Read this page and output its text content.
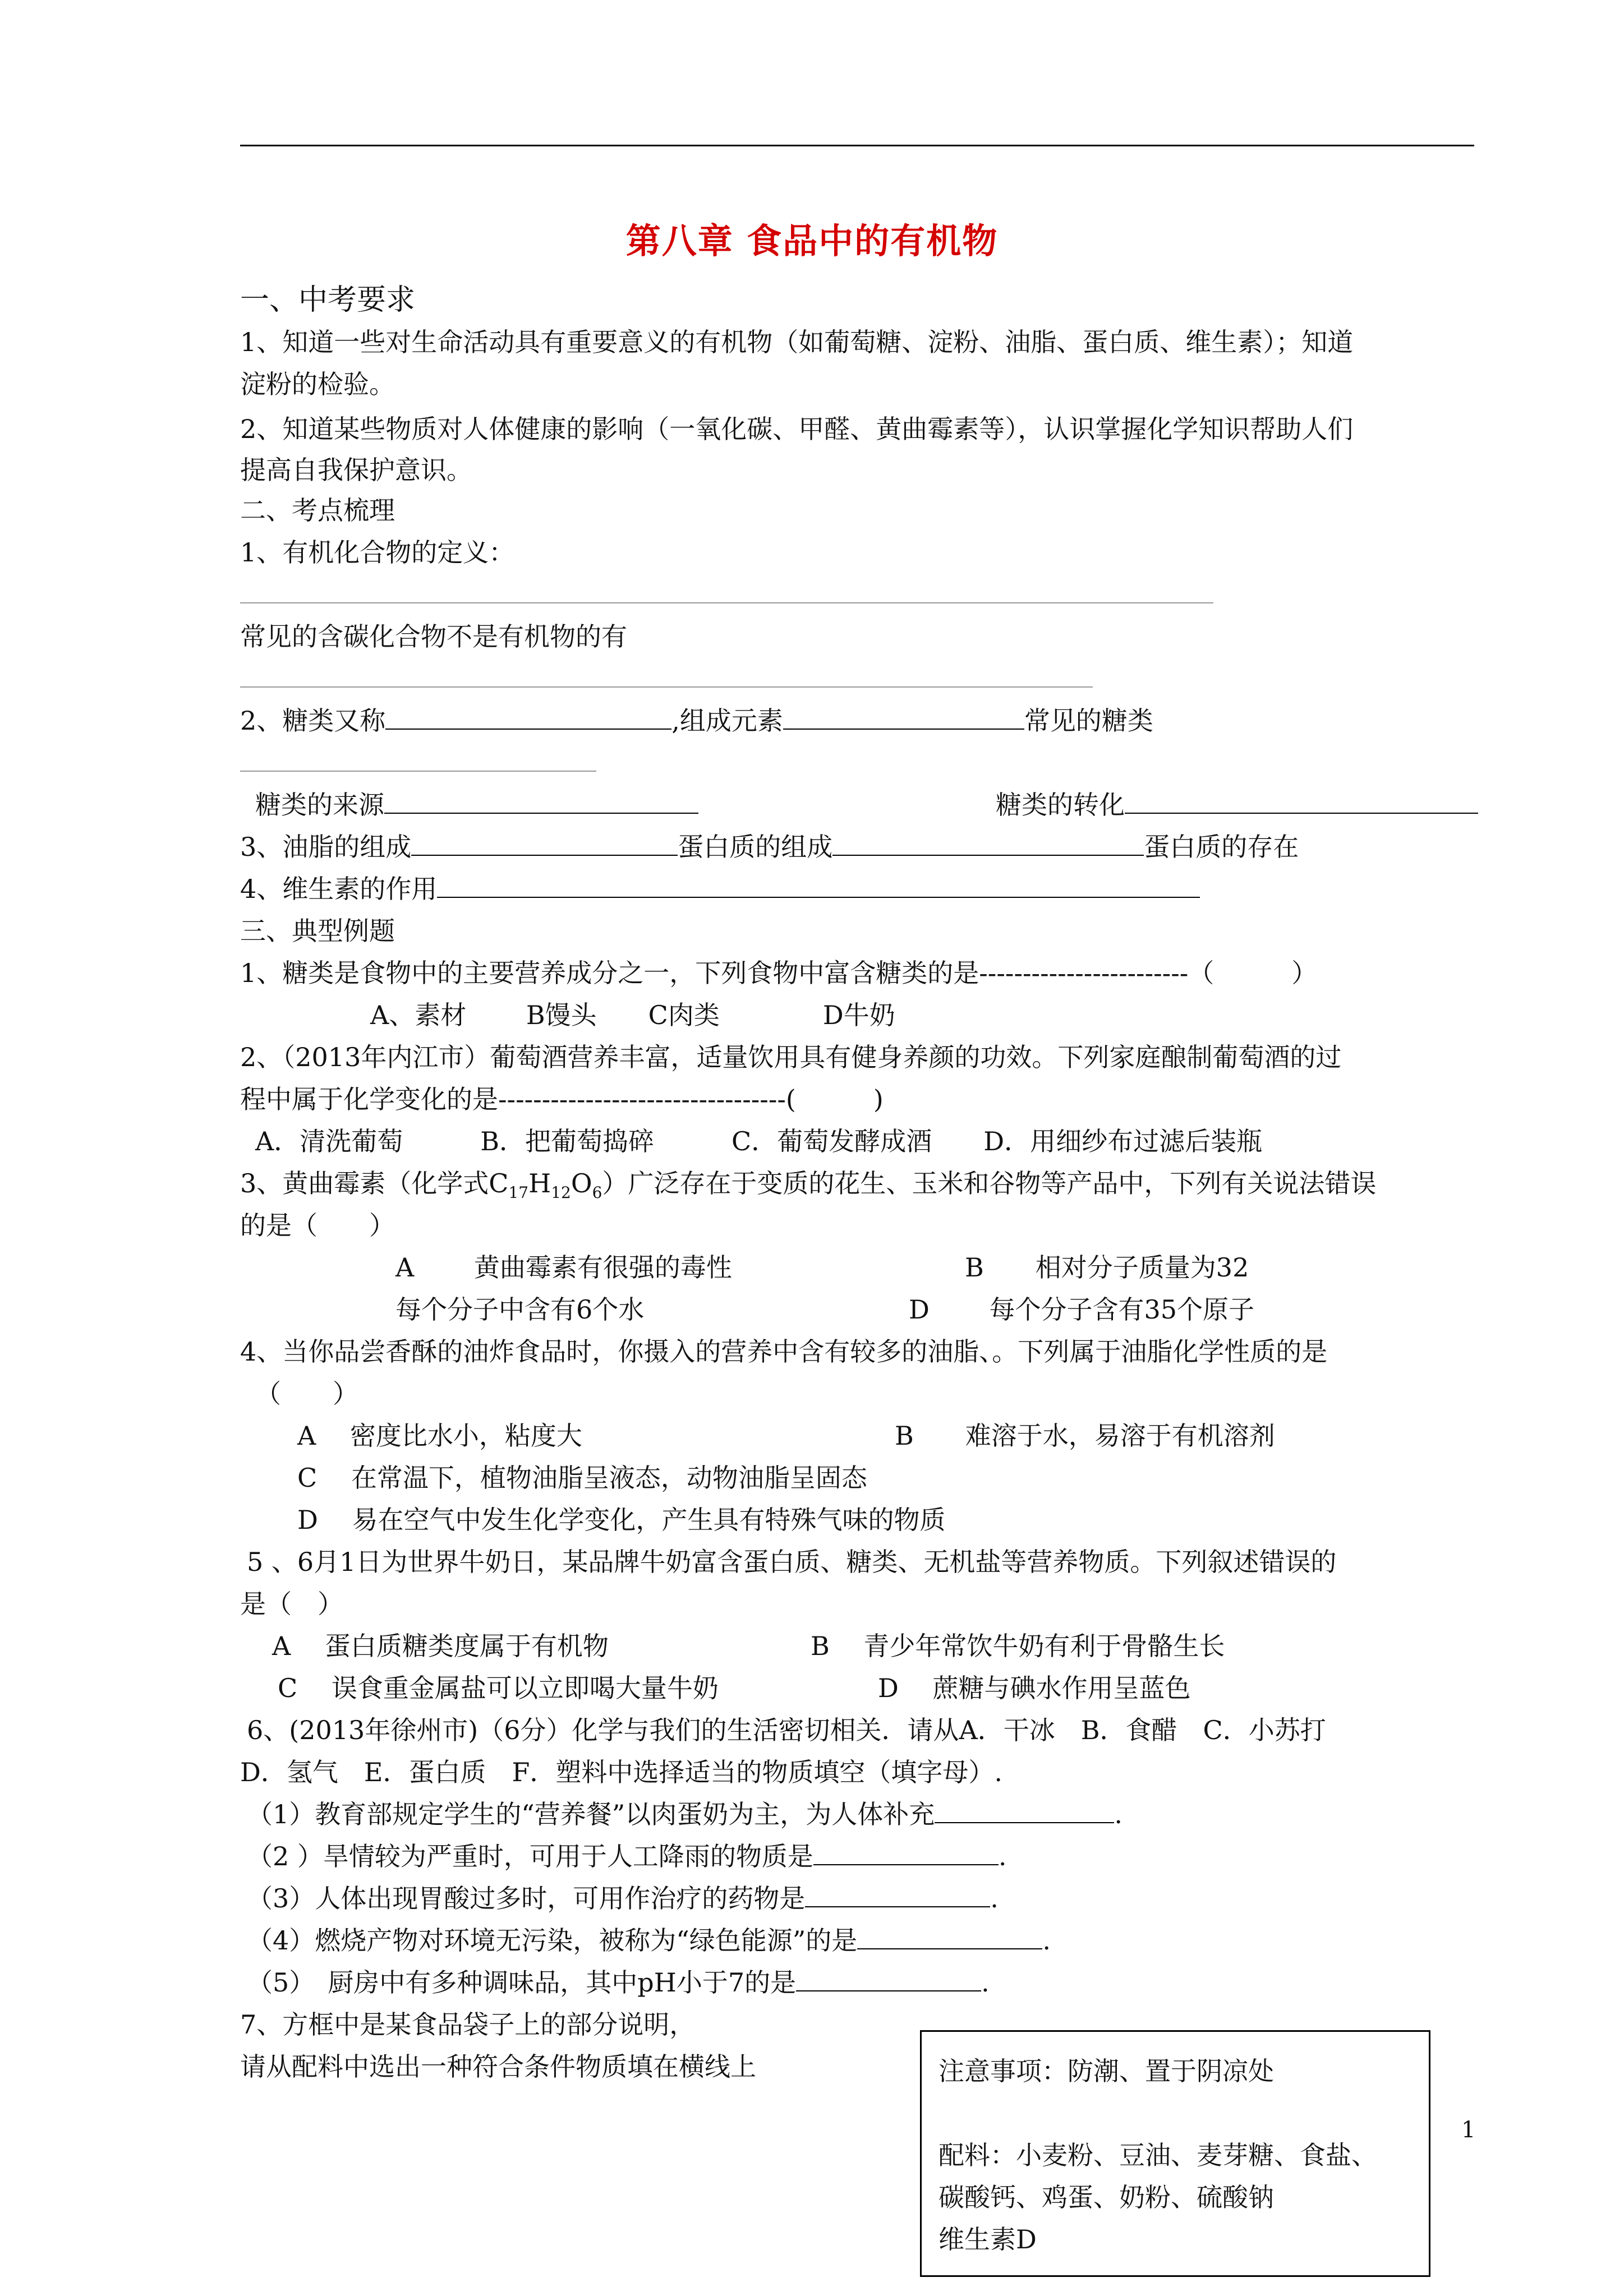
第八章 食品中的有机物
一、中考要求
1、知道一些对生命活动具有重要意义的有机物（如葡萄糖、淀粉、油脂、蛋白质、维生素）；知道
淀粉的检验。
2、知道某些物质对人体健康的影响（一氧化碳、甲醛、黄曲霉素等），认识掌握化学知识帮助人们
提高自我保护意识。
二、考点梳理
1、有机化合物的定义：
常见的含碳化合物不是有机物的有
2、糖类又称	,组成元素	常见的糖类
糖类的来源	糖类的转化
3、油脂的组成	蛋白质的组成	蛋白质的存在
4、维生素的作用
三、典型例题
1、糖类是食物中的主要营养成分之一，下列食物中富含糖类的是------------------------（　　　）
A、素材　　 B馒头　　C肉类　　　　D牛奶
2、（2013年内江市）葡萄酒营养丰富，适量饮用具有健身养颜的功效。下列家庭酿制葡萄酒的过
程中属于化学变化的是---------------------------------(　　　)
A．清洗葡萄　　　B．把葡萄捣碎　　　C．葡萄发酵成酒　　D．用细纱布过滤后装瓶
3、黄曲霉素（化学式$C_{17}H_{12}O_6$）广泛存在于变质的花生、玉米和谷物等产品中，下列有关说法错误
的是（　　）
A　　 黄曲霉素有很强的毒性	B　　相对分子质量为32
每个分子中含有6个水	D　　 每个分子含有35个原子
4、当你品尝香酥的油炸食品时，你摄入的营养中含有较多的油脂、。下列属于油脂化学性质的是
（　　）
A　 密度比水小，粘度大	B　　难溶于水，易溶于有机溶剂
C　 在常温下，植物油脂呈液态，动物油脂呈固态
D　 易在空气中发生化学变化，产生具有特殊气味的物质
5 、6月1日为世界牛奶日，某品牌牛奶富含蛋白质、糖类、无机盐等营养物质。下列叙述错误的
是（　）
A　 蛋白质糖类度属于有机物	B　 青少年常饮牛奶有利于骨骼生长
C　 误食重金属盐可以立即喝大量牛奶	D　 蔗糖与碘水作用呈蓝色
6、(2013年徐州市)（6分）化学与我们的生活密切相关．请从A．干冰　B．食醋　C．小苏打
D．氢气　E．蛋白质　F．塑料中选择适当的物质填空（填字母）.
（1）教育部规定学生的“营养餐”以肉蛋奶为主，为人体补充	.
（2 ）旱情较为严重时，可用于人工降雨的物质是	.
（3）人体出现胃酸过多时，可用作治疗的药物是	.
（4）燃烧产物对环境无污染，被称为“绿色能源”的是	.
（5）　厨房中有多种调味品，其中pH小于7的是	.
7、方框中是某食品袋子上的部分说明，
请从配料中选出一种符合条件物质填在横线上	注意事项：防潮、置于阴凉处
配料：小麦粉、豆油、麦芽糖、食盐、
碳酸钙、鸡蛋、奶粉、硫酸钠
维生素D
1
